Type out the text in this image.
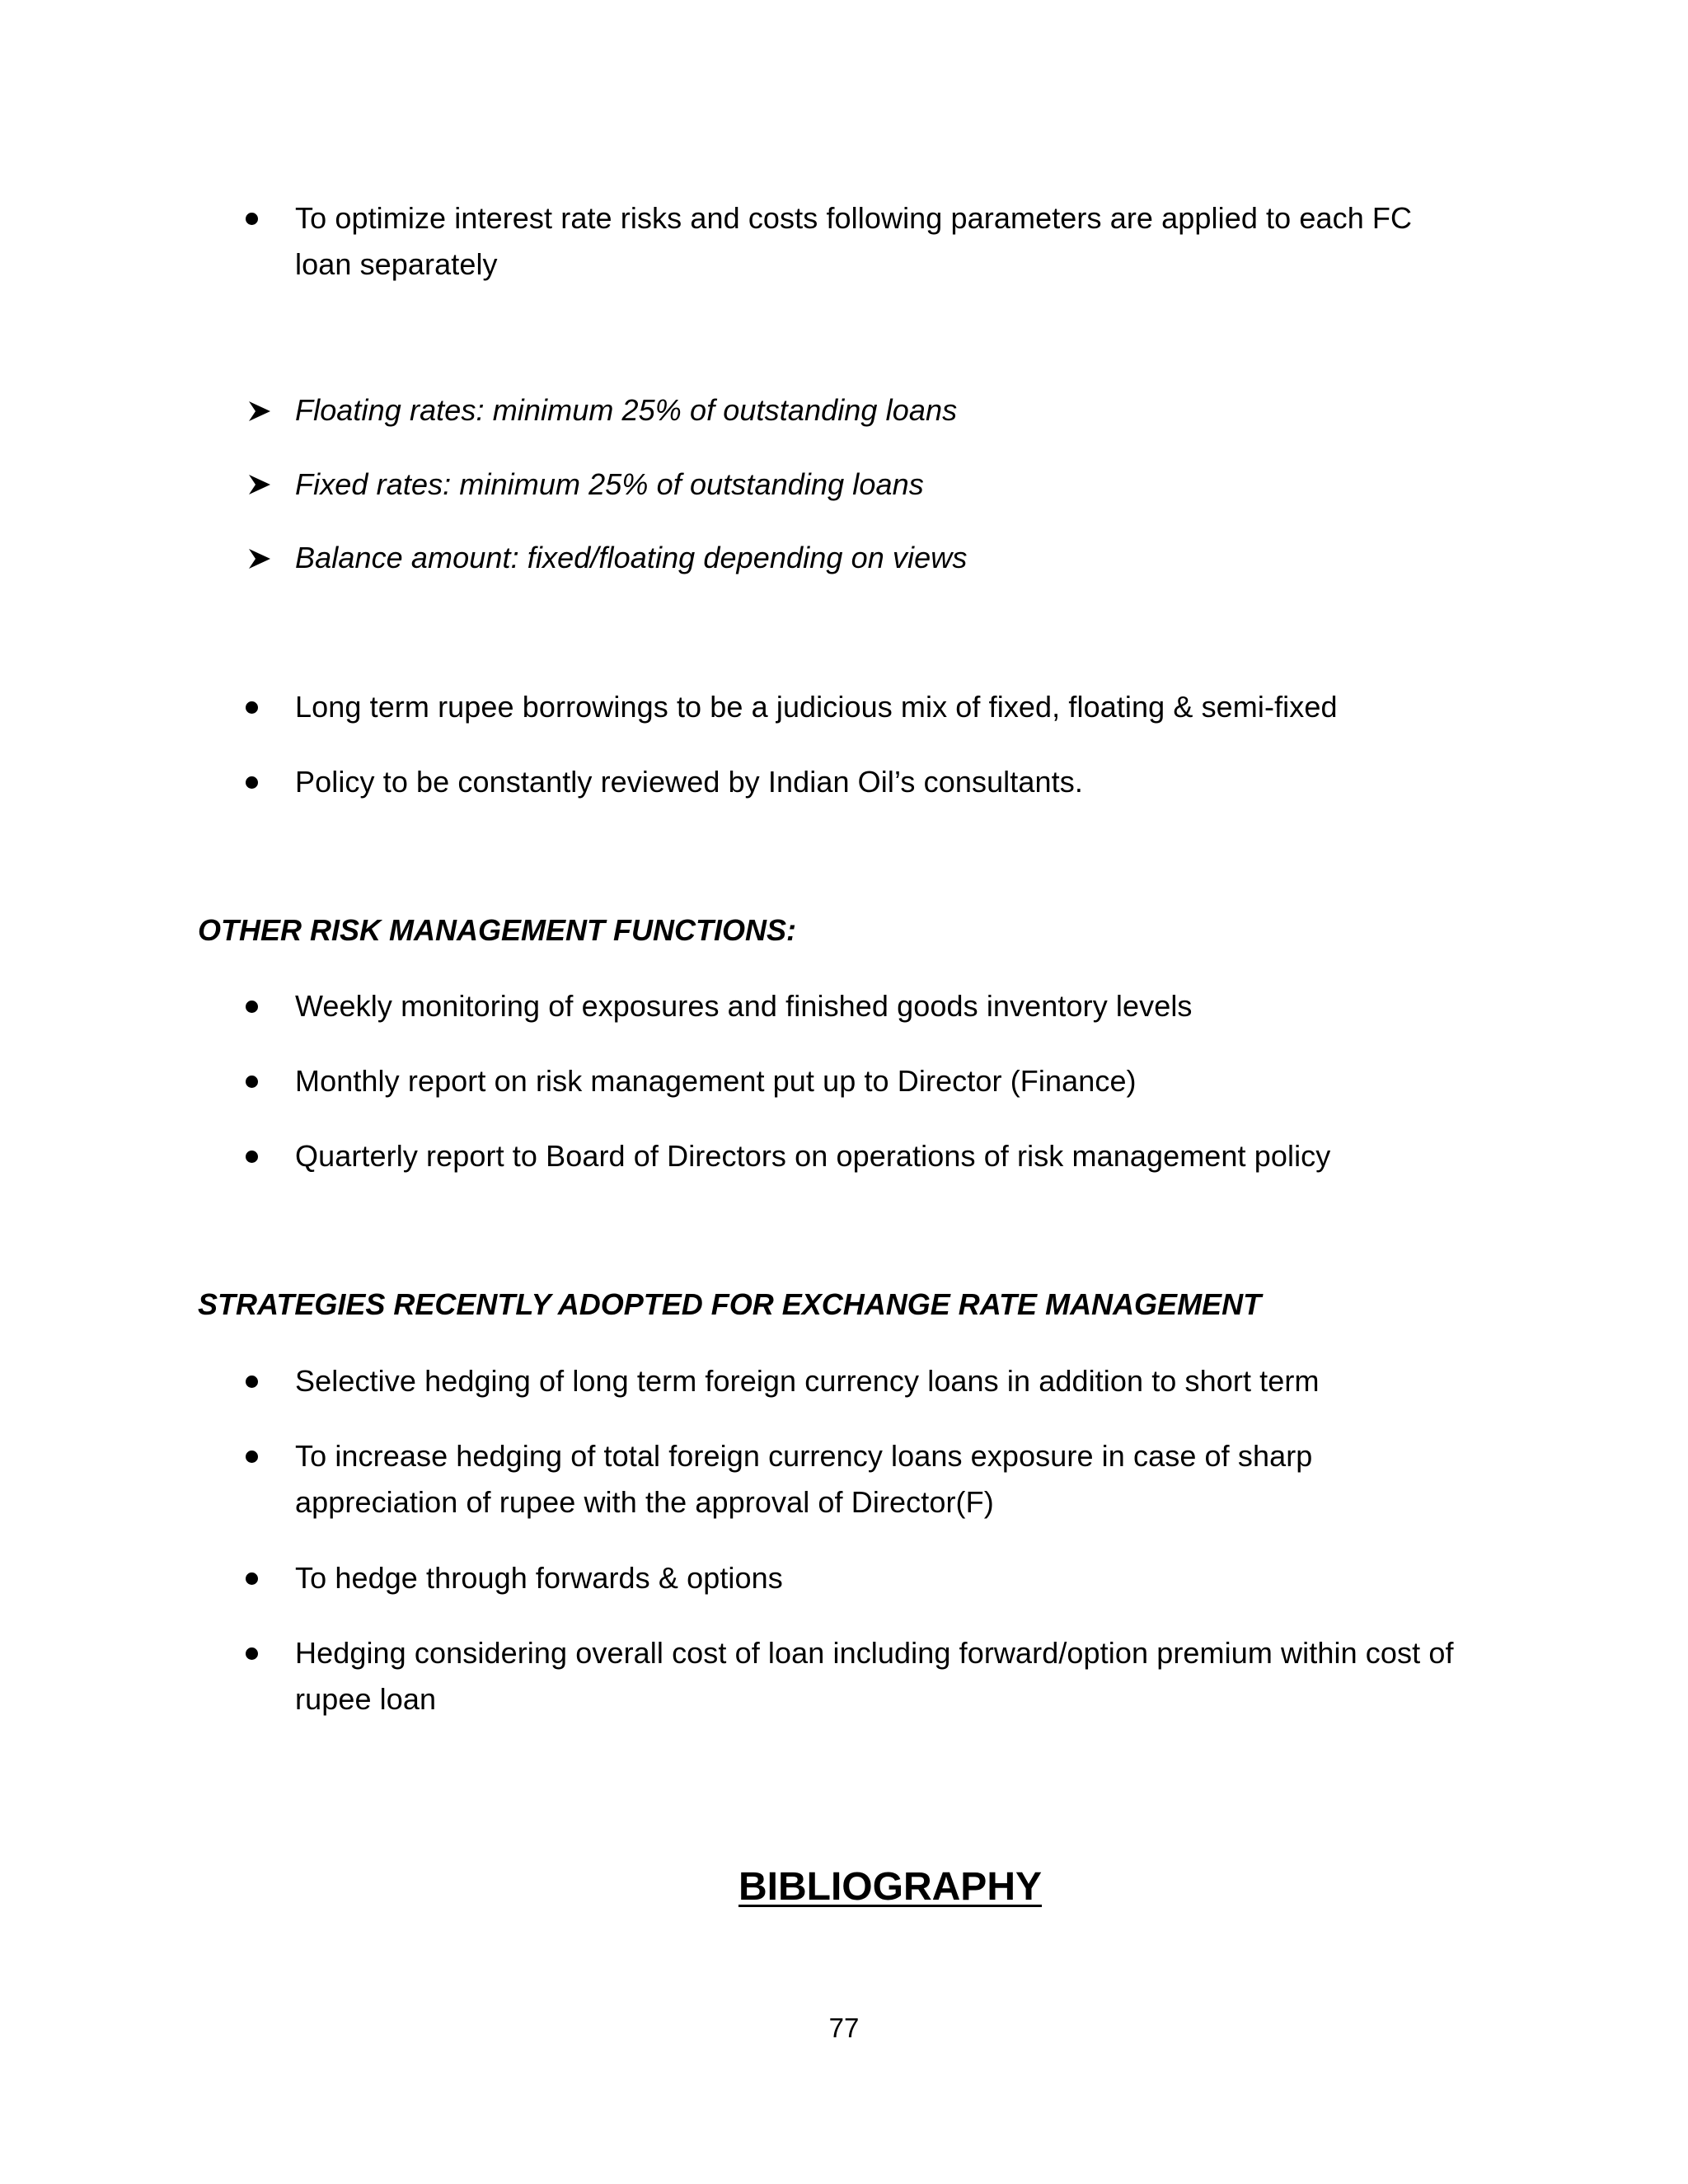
To optimize interest rate risks and costs following parameters are applied to each FC loan separately
Floating rates: minimum 25% of outstanding loans
Fixed rates: minimum 25% of outstanding loans
Balance amount: fixed/floating depending on views
Long term rupee borrowings to be a judicious mix of fixed, floating & semi-fixed
Policy to be constantly reviewed by Indian Oil’s consultants.
OTHER RISK MANAGEMENT FUNCTIONS:
Weekly monitoring of exposures and finished goods inventory levels
Monthly report on risk management put up to Director (Finance)
Quarterly report to Board of Directors on operations of risk management policy
STRATEGIES RECENTLY ADOPTED FOR EXCHANGE RATE MANAGEMENT
Selective hedging of long term foreign currency loans in addition to short term
To increase hedging of total foreign currency loans exposure in case of sharp appreciation of rupee with the approval of Director(F)
To hedge through forwards & options
Hedging considering overall cost of loan including forward/option premium within cost of rupee loan
BIBLIOGRAPHY
77
